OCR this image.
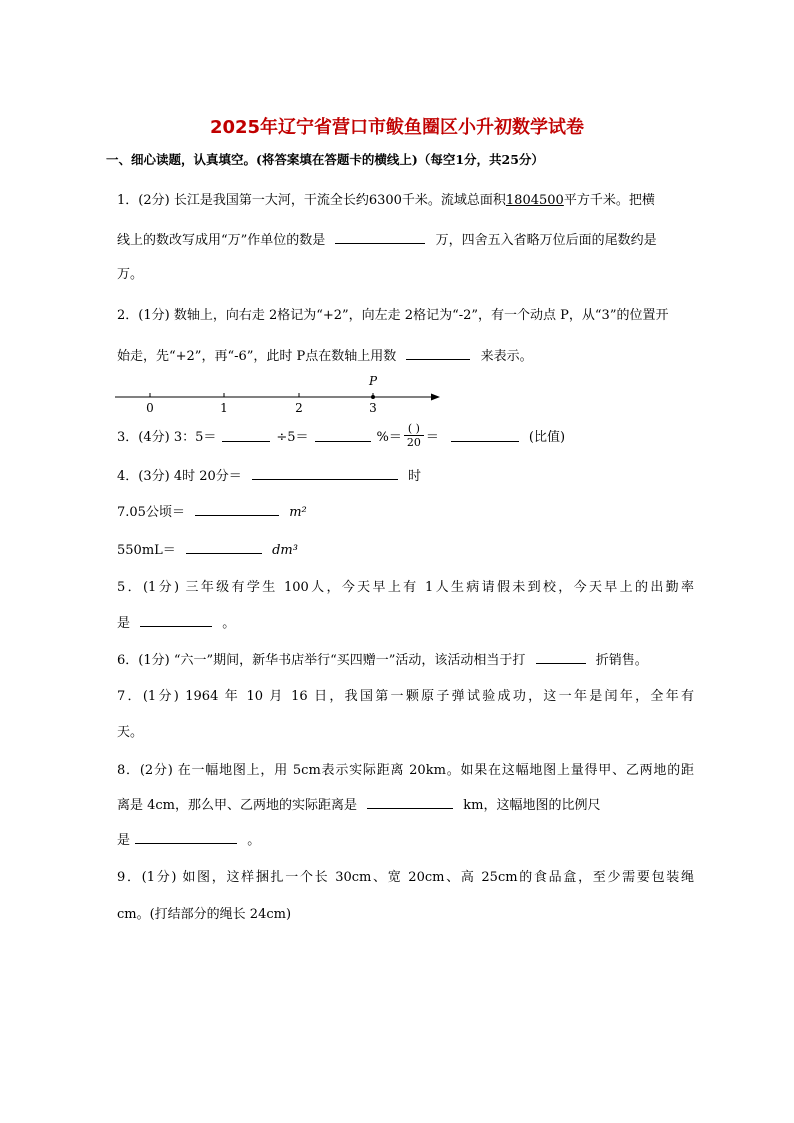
2025年辽宁省营口市鲅鱼圈区小升初数学试卷
一、细心读题，认真填空。(将答案填在答题卡的横线上)（每空1分，共25分）
1．(2分) 长江是我国第一大河，干流全长约6300千米。流域总面积1804500平方千米。把横
线上的数改写成用“万”作单位的数是	万，四舍五入省略万位后面的尾数约是
万。
2．(1分) 数轴上，向右走 2格记为“+2”，向左走 2格记为“-2”，有一个动点 P，从“3”的位置开
始走，先“+2”，再“-6”，此时 P点在数轴上用数	来表示。
P
0	1	2	3
3．(4分) 3：5＝	÷5＝	%＝ $\frac{( )}{20}$ ＝	(比值)
4．(3分) 4时 20分＝	时
7.05公顷＝	m²
550mL＝	dm³
5．(1分) 三年级有学生 100人，今天早上有 1人生病请假未到校，今天早上的出勤率
是	。
6．(1分) “六一”期间，新华书店举行“买四赠一”活动，该活动相当于打	折销售。
7．(1分) 1964 年 10 月 16 日，我国第一颗原子弹试验成功，这一年是闰年，全年有
天。
8．(2分) 在一幅地图上，用 5cm表示实际距离 20km。如果在这幅地图上量得甲、乙两地的距
离是 4cm，那么甲、乙两地的实际距离是	km，这幅地图的比例尺
是	。
9．(1分) 如图，这样捆扎一个长 30cm、宽 20cm、高 25cm的食品盒，至少需要包装绳
cm。(打结部分的绳长 24cm)
